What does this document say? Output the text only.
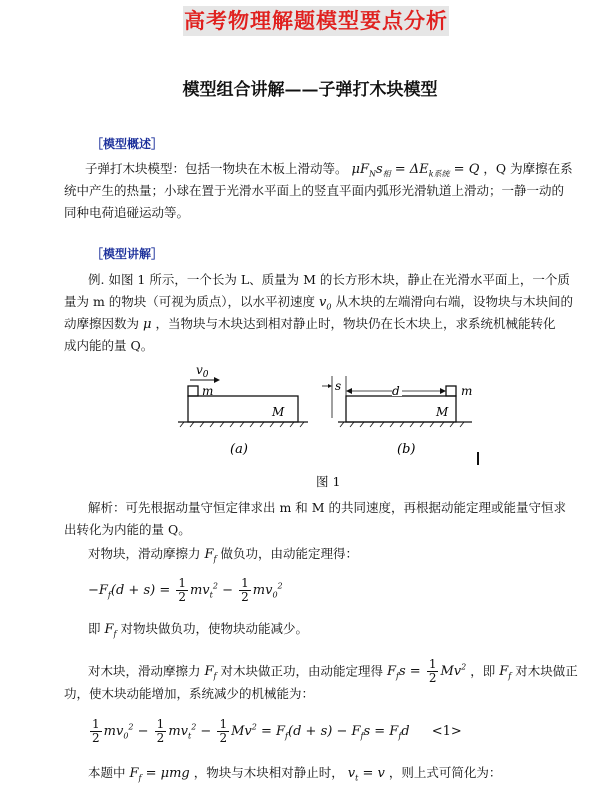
高考物理解题模型要点分析
模型组合讲解——子弹打木块模型
［模型概述］
子弹打木块模型：包括一物块在木板上滑动等。 $\mu F_Ns_相 = \Delta E_{k系统} = Q$ ，Q 为摩擦在系
统中产生的热量；小球在置于光滑水平面上的竖直平面内弧形光滑轨道上滑动；一静一动的
同种电荷追碰运动等。
［模型讲解］
例. 如图 1 所示，一个长为 L、质量为 M 的长方形木块，静止在光滑水平面上，一个质
量为 m 的物块（可视为质点），以水平初速度 $v_0$ 从木块的左端滑向右端，设物块与木块间的
动摩擦因数为 μ ，当物块与木块达到相对静止时，物块仍在长木块上，求系统机械能转化
成内能的量 Q。
$v_0$
m
M
(a)
s	d	m
M
(b)
图 1
解析：可先根据动量守恒定律求出 m 和 M 的共同速度，再根据动能定理或能量守恒求
出转化为内能的量 Q。
对物块，滑动摩擦力 $F_f$ 做负功，由动能定理得：
$-F_f(d + s) = \frac{1}{2} mv_t^2 - \frac{1}{2} mv_0^2$
即 $F_f$ 对物块做负功，使物块动能减少。
对木块，滑动摩擦力 $F_f$ 对木块做正功，由动能定理得 $F_fs = \frac{1}{2} Mv^2$ ，即 $F_f$ 对木块做正
功，使木块动能增加，系统减少的机械能为：
$\frac{1}{2} mv_0^2 - \frac{1}{2} mv_t^2 - \frac{1}{2} Mv^2 = F_f(d + s) - F_fs = F_fd <1>$
本题中 $F_f = \mu mg$ ，物块与木块相对静止时， $v_t = v$ ，则上式可简化为：
